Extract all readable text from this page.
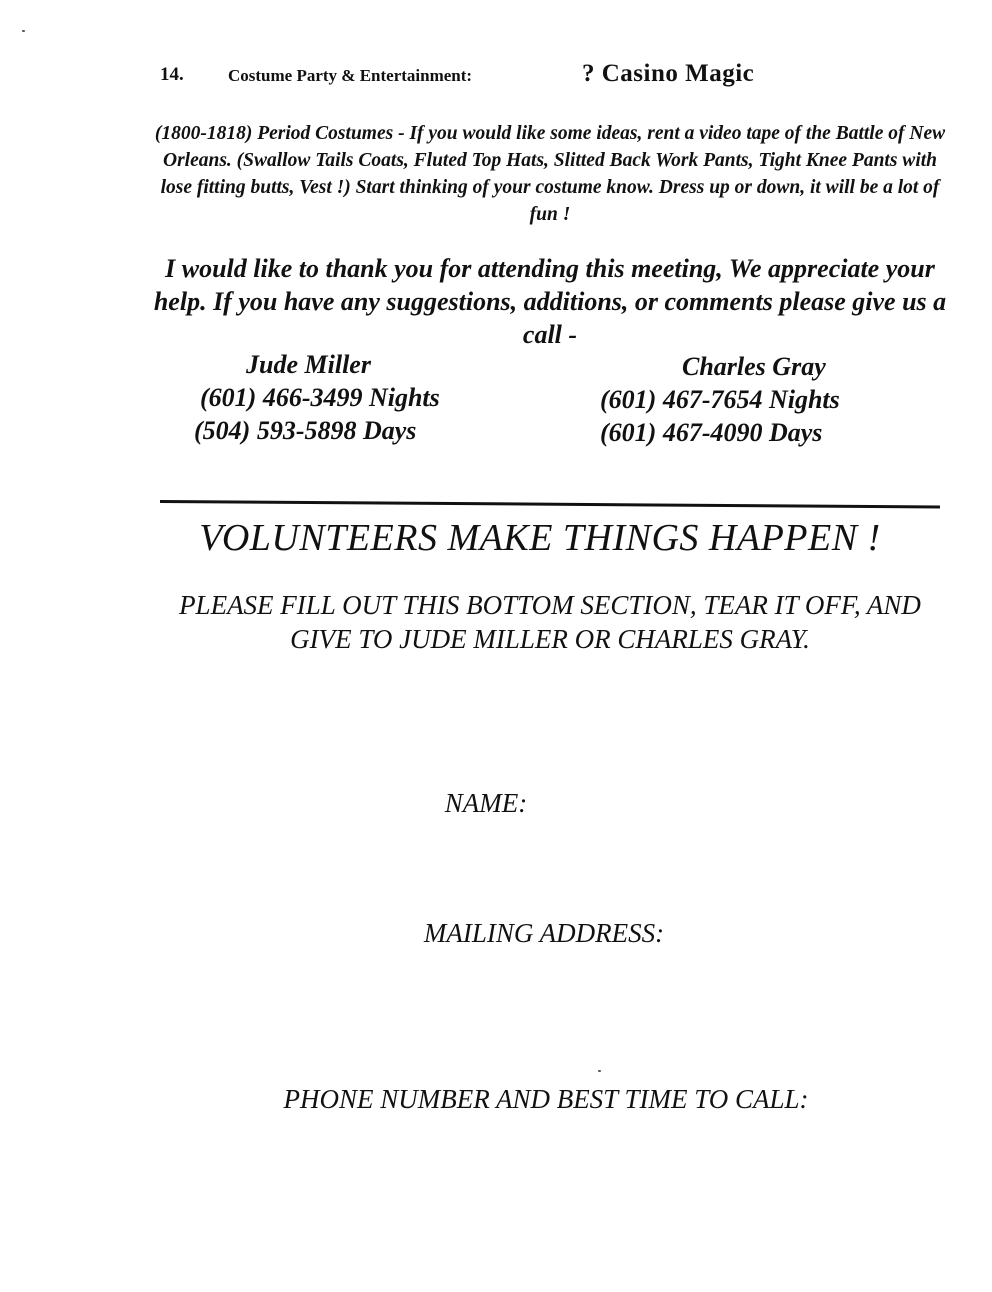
14.	Costume Party & Entertainment:	? Casino Magic
(1800-1818) Period Costumes - If you would like some ideas, rent a video tape of the Battle of New Orleans. (Swallow Tails Coats, Fluted Top Hats, Slitted Back Work Pants, Tight Knee Pants with lose fitting butts, Vest !) Start thinking of your costume know. Dress up or down, it will be a lot of fun !
I would like to thank you for attending this meeting, We appreciate your help. If you have any suggestions, additions, or comments please give us a call -
Jude Miller
(601) 466-3499 Nights
(504) 593-5898 Days
Charles Gray
(601) 467-7654 Nights
(601) 467-4090 Days
VOLUNTEERS MAKE THINGS HAPPEN !
PLEASE FILL OUT THIS BOTTOM SECTION, TEAR IT OFF, AND GIVE TO JUDE MILLER OR CHARLES GRAY.
NAME:
MAILING ADDRESS:
PHONE NUMBER AND BEST TIME TO CALL:
